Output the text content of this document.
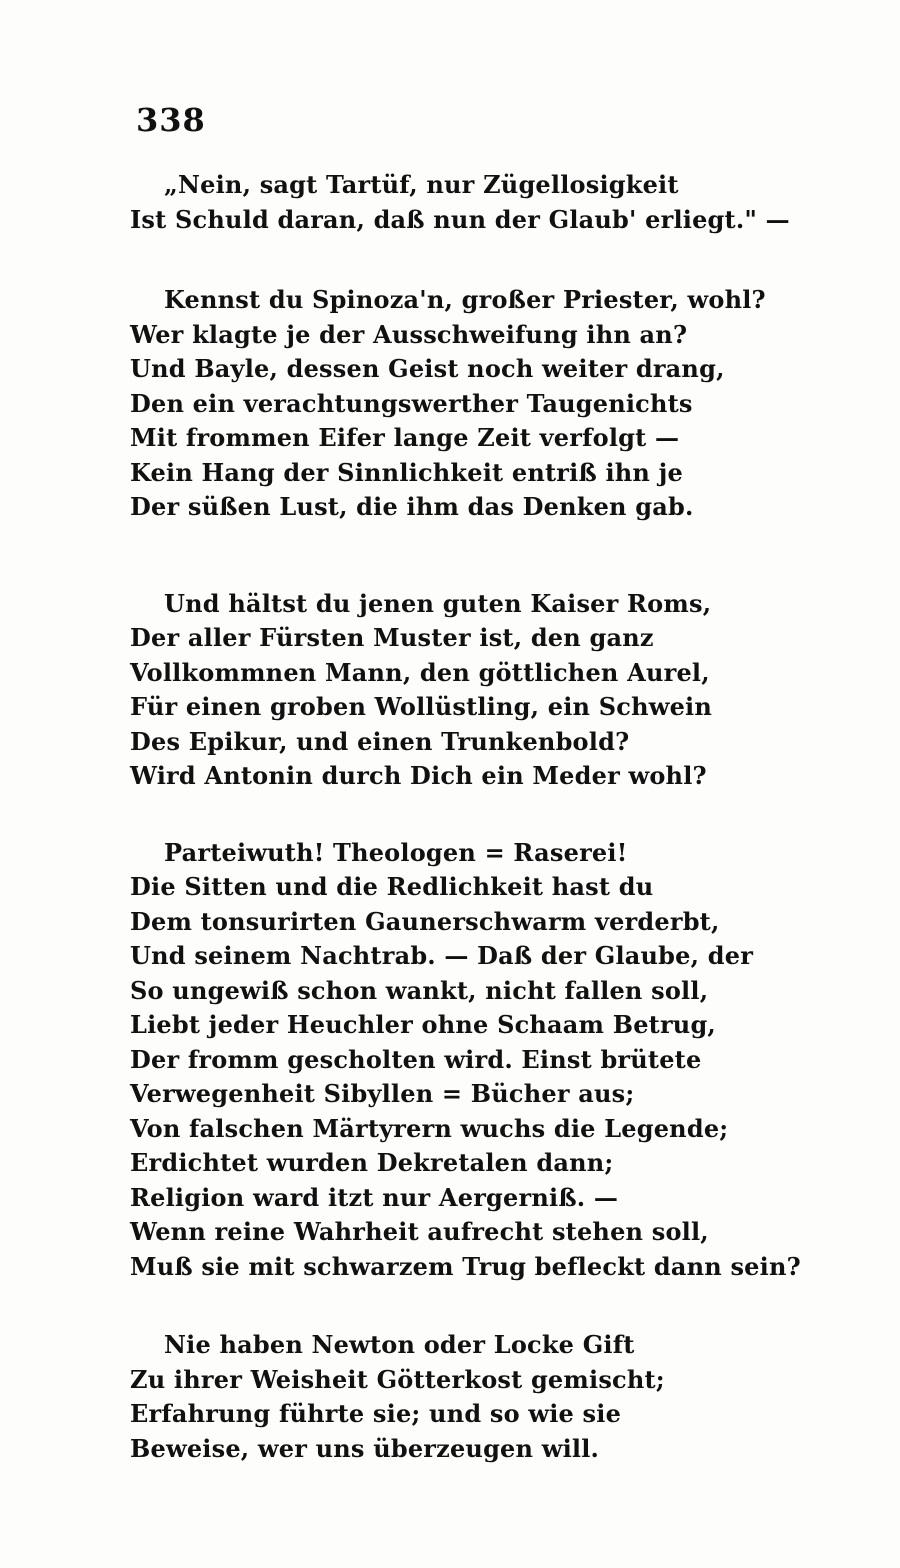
338
„Nein, sagt Tartüf, nur Zügellosigkeit
Ist Schuld daran, daß nun der Glaub' erliegt." —
Kennst du Spinoza'n, großer Priester, wohl?
Wer klagte je der Ausschweifung ihn an?
Und Bayle, dessen Geist noch weiter drang,
Den ein verachtungswerther Taugenichts
Mit frommen Eifer lange Zeit verfolgt —
Kein Hang der Sinnlichkeit entriß ihn je
Der süßen Lust, die ihm das Denken gab.
Und hältst du jenen guten Kaiser Roms,
Der aller Fürsten Muster ist, den ganz
Vollkommnen Mann, den göttlichen Aurel,
Für einen groben Wollüstling, ein Schwein
Des Epikur, und einen Trunkenbold?
Wird Antonin durch Dich ein Meder wohl?
Parteiwuth! Theologen = Raserei!
Die Sitten und die Redlichkeit hast du
Dem tonsurirten Gaunerschwarm verderbt,
Und seinem Nachtrab. — Daß der Glaube, der
So ungewiß schon wankt, nicht fallen soll,
Liebt jeder Heuchler ohne Schaam Betrug,
Der fromm gescholten wird. Einst brütete
Verwegenheit Sibyllen = Bücher aus;
Von falschen Märtyrern wuchs die Legende;
Erdichtet wurden Dekretalen dann;
Religion ward itzt nur Aergerniß. —
Wenn reine Wahrheit aufrecht stehen soll,
Muß sie mit schwarzem Trug befleckt dann sein?
Nie haben Newton oder Locke Gift
Zu ihrer Weisheit Götterkost gemischt;
Erfahrung führte sie; und so wie sie
Beweise, wer uns überzeugen will.
